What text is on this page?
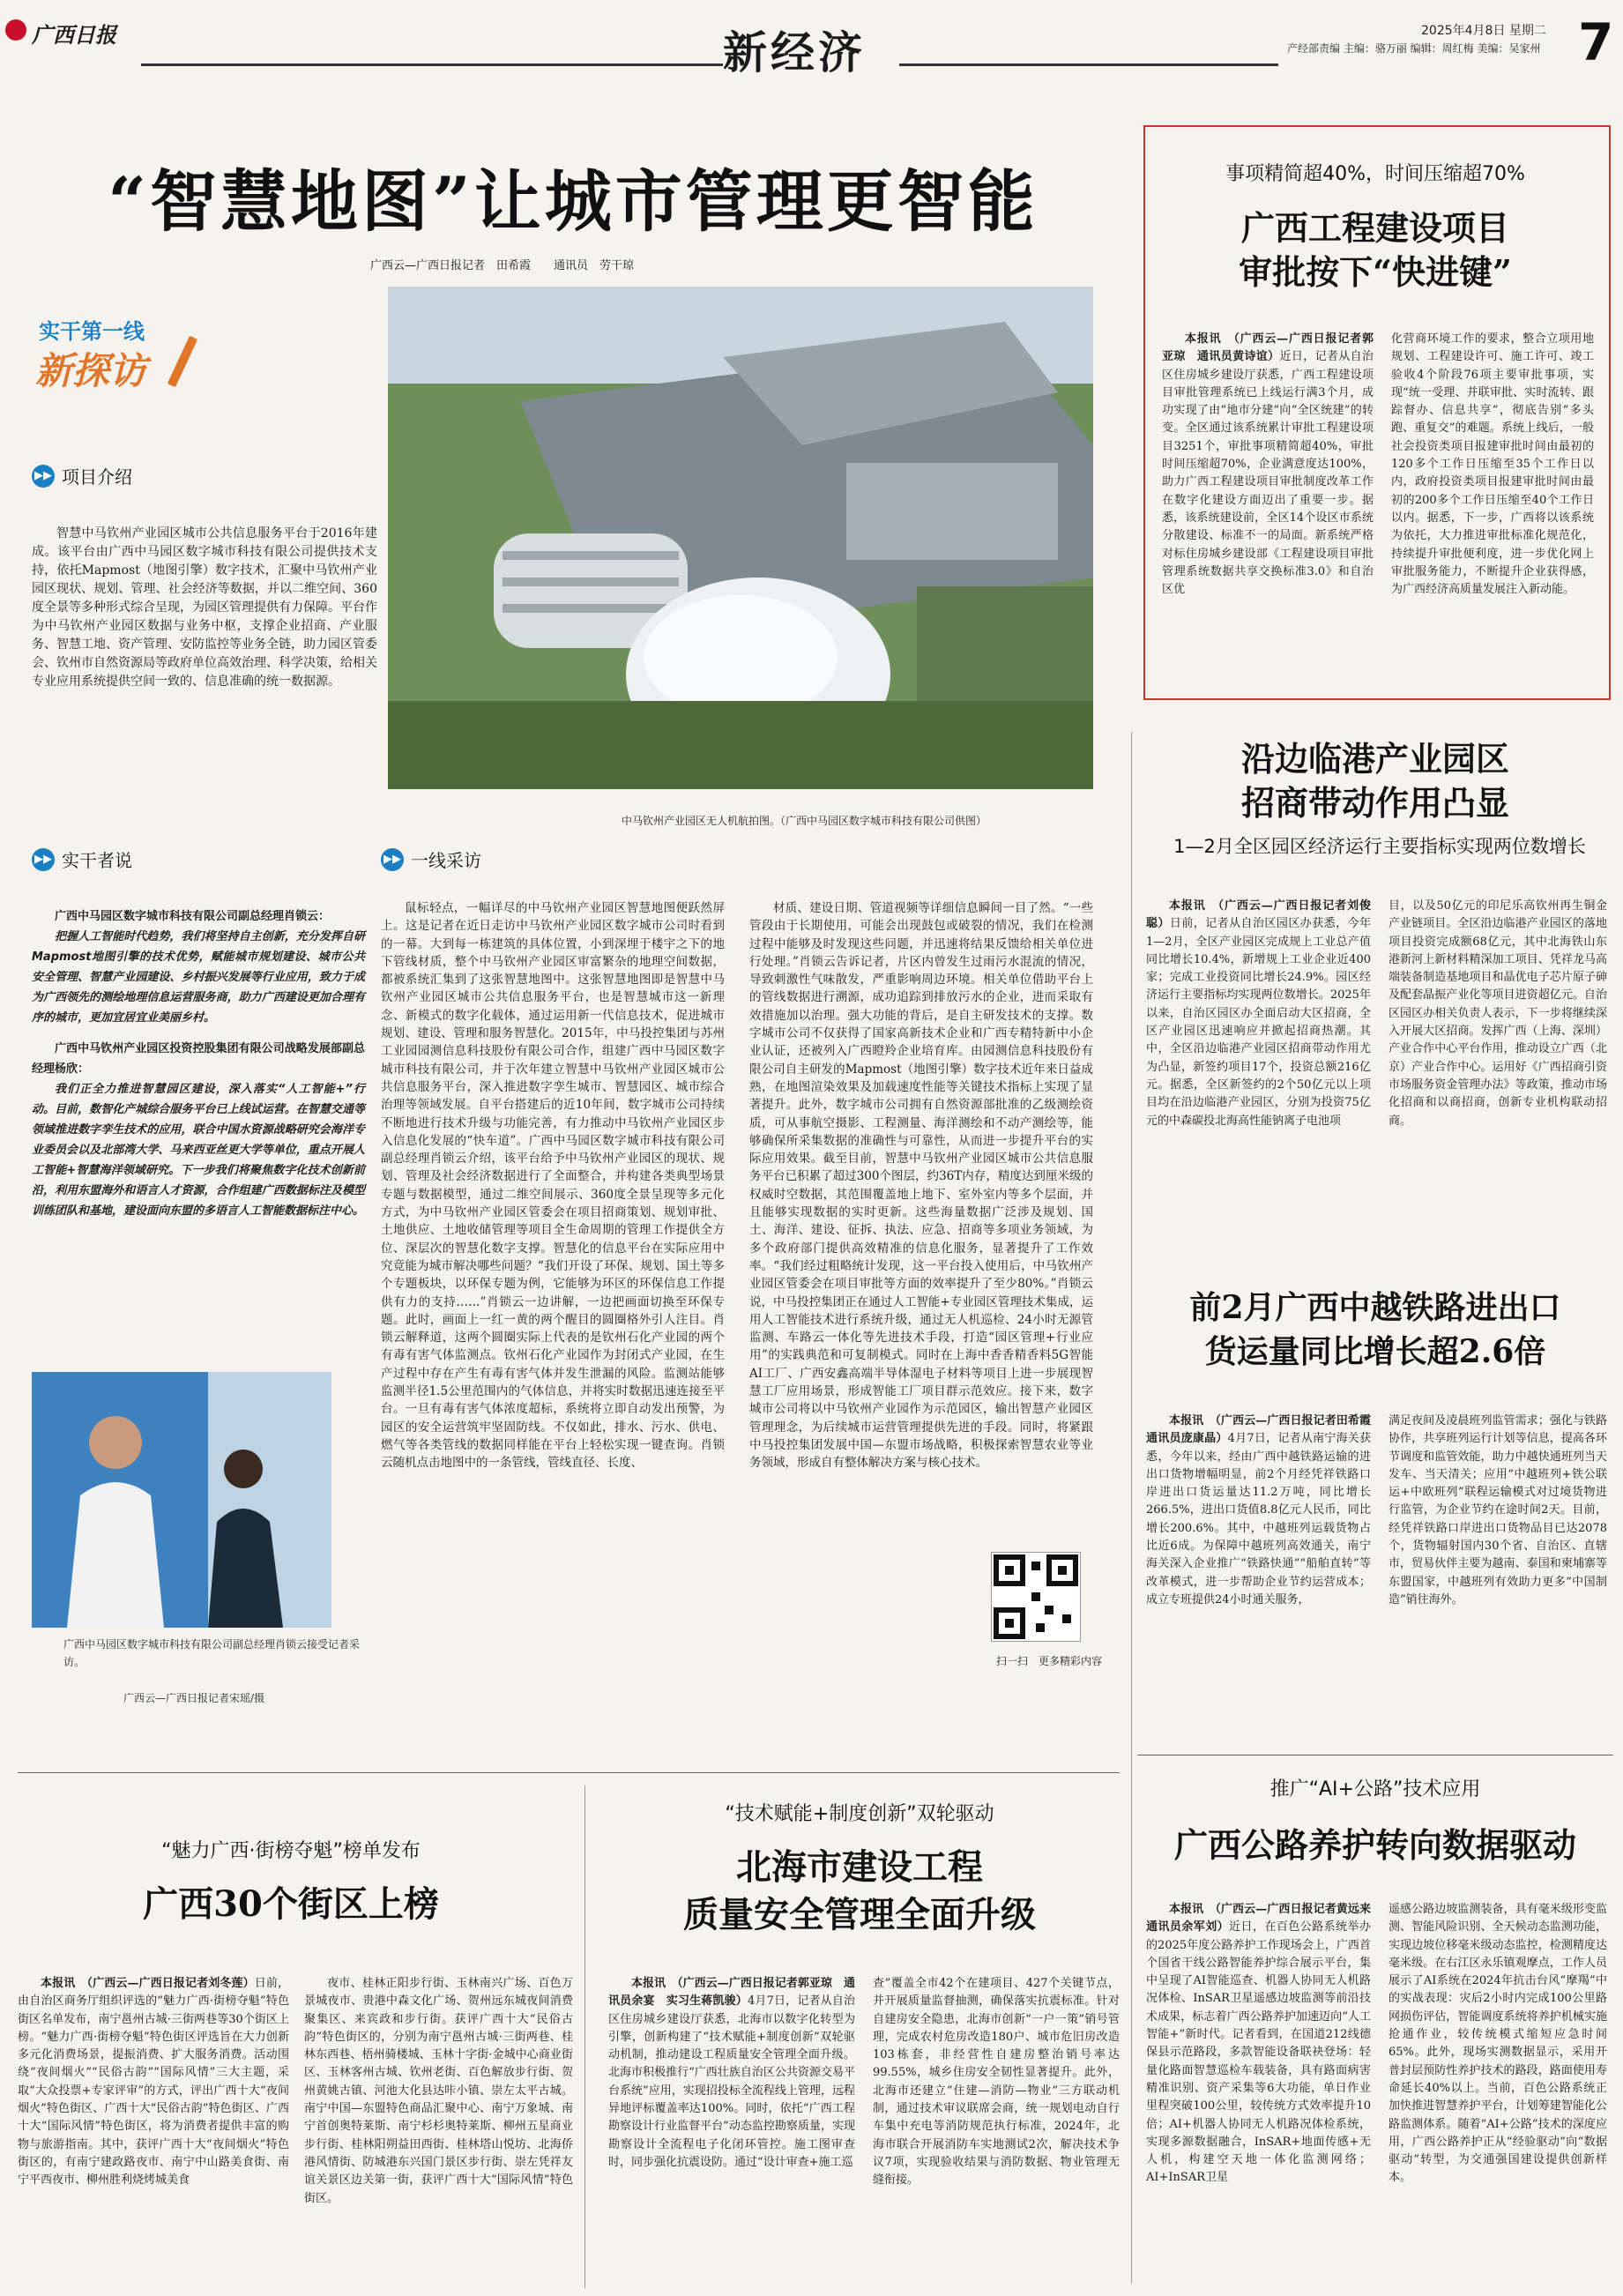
广西日报	新经济	2025年4月8日 星期二
产经部责编 主编：骆万丽 编辑：周红梅 美编：吴家州 7
“智慧地图”让城市管理更智能
广西云—广西日报记者　田希霞　　通讯员　劳干琼
实干第一线
新探访
▶▶ 项目介绍

智慧中马钦州产业园区城市公共信息服务平台于2016年建成。该平台由广西中马园区数字城市科技有限公司提供技术支持，依托Mapmost（地图引擎）数字技术，汇聚中马钦州产业园区现状、规划、管理、社会经济等数据，并以二维空间、360度全景等多种形式综合呈现，为园区管理提供有力保障。平台作为中马钦州产业园区数据与业务中枢，支撑企业招商、产业服务、智慧工地、资产管理、安防监控等业务全链，助力园区管委会、钦州市自然资源局等政府单位高效治理、科学决策，给相关专业应用系统提供空间一致的、信息准确的统一数据源。

中马钦州产业园区无人机航拍图。（广西中马园区数字城市科技有限公司供图）
▶▶ 实干者说	▶▶ 一线采访

广西中马园区数字城市科技有限公司副总经理肖锁云：

把握人工智能时代趋势，我们将坚持自主创新，充分发挥自研Mapmost地图引擎的技术优势，赋能城市规划建设、城市公共安全管理、智慧产业园建设、乡村振兴发展等行业应用，致力于成为广西领先的测绘地理信息运营服务商，助力广西建设更加合理有序的城市，更加宜居宜业美丽乡村。

广西中马钦州产业园区投资控股集团有限公司战略发展部副总经理杨欣：

我们正全力推进智慧园区建设，深入落实“人工智能+”行动。目前，数智化产城综合服务平台已上线试运营。在智慧交通等领域推进数字孪生技术的应用，联合中国水资源战略研究会海洋专业委员会以及北部湾大学、马来西亚丝更大学等单位，重点开展人工智能+智慧海洋领域研究。下一步我们将聚焦数字化技术创新前沿，利用东盟海外和语言人才资源，合作组建广西数据标注及模型训练团队和基地，建设面向东盟的多语言人工智能数据标注中心。

广西中马园区数字城市科技有限公司副总经理肖锁云接受记者采访。
广西云—广西日报记者宋瑶/摄

鼠标轻点，一幅详尽的中马钦州产业园区智慧地图便跃然屏上。这是记者在近日走访中马钦州产业园区数字城市公司时看到的一幕。大到每一栋建筑的具体位置，小到深埋于楼宇之下的地下管线材质，整个中马钦州产业园区审富繁杂的地理空间数据，都被系统汇集到了这张智慧地图中。这张智慧地图即是智慧中马钦州产业园区城市公共信息服务平台，也是智慧城市这一新理念、新模式的数字化载体，通过运用新一代信息技术，促进城市规划、建设、管理和服务智慧化。2015年，中马投控集团与苏州工业园园测信息科技股份有限公司合作，组建广西中马园区数字城市科技有限公司，并于次年建立智慧中马钦州产业园区城市公共信息服务平台，深入推进数字孪生城市、智慧园区、城市综合治理等领域发展。自平台搭建后的近10年间，数字城市公司持续不断地进行技术升级与功能完善，有力推动中马钦州产业园区步入信息化发展的“快车道”。广西中马园区数字城市科技有限公司副总经理肖锁云介绍，该平台给予中马钦州产业园区的现状、规划、管理及社会经济数据进行了全面整合，并构建各类典型场景专题与数据模型，通过二维空间展示、360度全景呈现等多元化方式，为中马钦州产业园区管委会在项目招商策划、规划审批、土地供应、土地收储管理等项目全生命周期的管理工作提供全方位、深层次的智慧化数字支撑。智慧化的信息平台在实际应用中究竟能为城市解决哪些问题？“我们开设了环保、规划、国土等多个专题板块，以环保专题为例，它能够为环区的环保信息工作提供有力的支持……”肖锁云一边讲解，一边把画面切换至环保专题。此时，画面上一红一黄的两个醒目的圆圈格外引人注目。肖锁云解释道，这两个圆圈实际上代表的是钦州石化产业园的两个有毒有害气体监测点。钦州石化产业园作为封闭式产业园，在生产过程中存在产生有毒有害气体并发生泄漏的风险。监测站能够监测半径1.5公里范围内的气体信息，并将实时数据迅速连接至平台。一旦有毒有害气体浓度超标，系统将立即自动发出预警，为园区的安全运营筑牢坚固防线。不仅如此，排水、污水、供电、燃气等各类管线的数据同样能在平台上轻松实现一键查询。肖锁云随机点击地图中的一条管线，管线直径、长度、

材质、建设日期、管道视频等详细信息瞬间一目了然。“一些管段由于长期使用，可能会出现鼓包或破裂的情况，我们在检测过程中能够及时发现这些问题，并迅速将结果反馈给相关单位进行处理。”肖锁云告诉记者，片区内曾发生过雨污水混流的情况，导致刺激性气味散发，严重影响周边环境。相关单位借助平台上的管线数据进行溯源，成功追踪到排放污水的企业，进而采取有效措施加以治理。强大功能的背后，是自主研发技术的支撑。数字城市公司不仅获得了国家高新技术企业和广西专精特新中小企业认证，还被列入广西瞪羚企业培育库。由园测信息科技股份有限公司自主研发的Mapmost（地图引擎）数字技术近年来日益成熟，在地图渲染效果及加载速度性能等关键技术指标上实现了显著提升。此外，数字城市公司拥有自然资源部批准的乙级测绘资质，可从事航空摄影、工程测量、海洋测绘和不动产测绘等，能够确保所采集数据的准确性与可靠性，从而进一步提升平台的实际应用效果。截至目前，智慧中马钦州产业园区城市公共信息服务平台已积累了超过300个图层，约36T内存，精度达到厘米级的权威时空数据，其范围覆盖地上地下、室外室内等多个层面，并且能够实现数据的实时更新。这些海量数据广泛涉及规划、国土、海洋、建设、征拆、执法、应急、招商等多项业务领域，为多个政府部门提供高效精准的信息化服务，显著提升了工作效率。“我们经过粗略统计发现，这一平台投入使用后，中马钦州产业园区管委会在项目审批等方面的效率提升了至少80%。”肖锁云说，中马投控集团正在通过人工智能+专业园区管理技术集成，运用人工智能技术进行系统升级，通过无人机巡检、24小时无源管监测、车路云一体化等先进技术手段，打造“园区管理+行业应用”的实践典范和可复制模式。同时在上海中香香精香料5G智能AI工厂、广西安鑫高端半导体湿电子材料等项目上进一步展现智慧工厂应用场景，形成智能工厂项目群示范效应。接下来，数字城市公司将以中马钦州产业园作为示范园区，输出智慧产业园区管理理念，为后续城市运营管理提供先进的手段。同时，将紧跟中马投控集团发展中国—东盟市场战略，积极探索智慧农业等业务领域，形成自有整体解决方案与核心技术。

扫一扫　更多精彩内容
事项精简超40%，时间压缩超70%
广西工程建设项目
审批按下“快进键”

本报讯　（广西云—广西日报记者郭亚琼　通讯员黄诗谊）近日，记者从自治区住房城乡建设厅获悉，广西工程建设项目审批管理系统已上线运行满3个月，成功实现了由“地市分建”向“全区统建”的转变。全区通过该系统累计审批工程建设项目3251个，审批事项精简超40%，审批时间压缩超70%，企业满意度达100%，助力广西工程建设项目审批制度改革工作在数字化建设方面迈出了重要一步。据悉，该系统建设前，全区14个设区市系统分散建设、标准不一的局面。新系统严格对标住房城乡建设部《工程建设项目审批管理系统数据共享交换标准3.0》和自治区优

化营商环境工作的要求，整合立项用地规划、工程建设许可、施工许可、竣工验收4个阶段76项主要审批事项，实现“统一受理、并联审批、实时流转、跟踪督办、信息共享”，彻底告别“多头跑、重复交”的难题。系统上线后，一般社会投资类项目报建审批时间由最初的120多个工作日压缩至35个工作日以内，政府投资类项目报建审批时间由最初的200多个工作日压缩至40个工作日以内。据悉，下一步，广西将以该系统为依托，大力推进审批标准化规范化，持续提升审批便利度，进一步优化网上审批服务能力，不断提升企业获得感，为广西经济高质量发展注入新动能。

沿边临港产业园区
招商带动作用凸显
1—2月全区园区经济运行主要指标实现两位数增长

本报讯　（广西云—广西日报记者刘俊聪）日前，记者从自治区园区办获悉，今年1—2月，全区产业园区完成规上工业总产值同比增长10.4%，新增规上工业企业近400家；完成工业投资同比增长24.9%。园区经济运行主要指标均实现两位数增长。2025年以来，自治区园区办全面启动大区招商，全区产业园区迅速响应并掀起招商热潮。其中，全区沿边临港产业园区招商带动作用尤为凸显，新签约项目17个，投资总额216亿元。据悉，全区新签约的2个50亿元以上项目均在沿边临港产业园区，分别为投资75亿元的中森碳投北海高性能钠离子电池项

目，以及50亿元的印尼乐高钦州再生铜金产业链项目。全区沿边临港产业园区的落地项目投资完成额68亿元，其中北海铁山东港新河上新材料精深加工项目、凭祥龙马高端装备制造基地项目和晶优电子芯片原子砷及配套晶振产业化等项目进资超亿元。自治区园区办相关负责人表示，下一步将继续深入开展大区招商。发挥广西（上海、深圳）产业合作中心平台作用，推动设立广西（北京）产业合作中心。运用好《广西招商引资市场服务资金管理办法》等政策，推动市场化招商和以商招商，创新专业机构联动招商。

前2月广西中越铁路进出口
货运量同比增长超2.6倍

本报讯　（广西云—广西日报记者田希霞　通讯员庞康晶）4月7日，记者从南宁海关获悉，今年以来，经由广西中越铁路运输的进出口货物增幅明显，前2个月经凭祥铁路口岸进出口货运量达11.2万吨，同比增长266.5%，进出口货值8.8亿元人民币，同比增长200.6%。其中，中越班列运载货物占比近6成。为保障中越班列高效通关，南宁海关深入企业推广“铁路快通”“船舶直转”等改革模式，进一步帮助企业节约运营成本；成立专班提供24小时通关服务，

满足夜间及凌晨班列监管需求；强化与铁路协作，共享班列运行计划等信息，提高各环节调度和监管效能，助力中越快通班列当天发车、当天清关；应用“中越班列+铁公联运+中欧班列”联程运输模式对过境货物进行监管，为企业节约在途时间2天。目前，经凭祥铁路口岸进出口货物品目已达2078个，货物辐射国内30个省、自治区、直辖市，贸易伙伴主要为越南、泰国和柬埔寨等东盟国家，中越班列有效助力更多“中国制造”销往海外。

推广“AI+公路”技术应用
广西公路养护转向数据驱动

本报讯　（广西云—广西日报记者黄远来　通讯员余军刘）近日，在百色公路系统举办的2025年度公路养护工作现场会上，广西首个国省干线公路智能养护综合展示平台，集中呈现了AI智能巡查、机器人协同无人机路况体检、InSAR卫星遥感边坡监测等前沿技术成果，标志着广西公路养护加速迈向“人工智能+”新时代。记者看到，在国道212线德保县示范路段，多款智能设备联袂登场：轻量化路面智慧巡检车载装备，具有路面病害精准识别、资产采集等6大功能，单日作业里程突破100公里，较传统方式效率提升10倍；AI+机器人协同无人机路况体检系统，实现多源数据融合，InSAR+地面传感+无人机，构建空天地一体化监测网络；AI+InSAR卫星

遥感公路边坡监测装备，具有毫米级形变监测、智能风险识别、全天候动态监测功能，实现边坡位移毫米级动态监控，检测精度达毫米级。在右江区永乐镇观摩点，工作人员展示了AI系统在2024年抗击台风“摩羯”中的实战表现：灾后2小时内完成100公里路网损伤评估，智能调度系统将养护机械实施抢通作业，较传统模式缩短应急时间65%。此外，现场实测数据显示，采用开普封层预防性养护技术的路段，路面使用寿命延长40%以上。当前，百色公路系统正加快推进智慧养护平台，计划筹建智能化公路监测体系。随着“AI+公路”技术的深度应用，广西公路养护正从“经验驱动”向“数据驱动”转型，为交通强国建设提供创新样本。

“魅力广西·街榜夺魁”榜单发布
广西30个街区上榜

本报讯　（广西云—广西日报记者刘冬莲）日前，由自治区商务厅组织评选的“魅力广西·街榜夺魁”特色街区名单发布，南宁邕州古城·三街两巷等30个街区上榜。“魅力广西·街榜夺魁”特色街区评选旨在大力创新多元化消费场景，提振消费、扩大服务消费。活动围绕“夜间烟火”“民俗古韵”“国际风情”三大主题，采取“大众投票+专家评审”的方式，评出广西十大“夜间烟火”特色街区、广西十大“民俗古韵”特色街区、广西十大“国际风情”特色街区，将为消费者提供丰富的购物与旅游指南。其中，获评广西十大“夜间烟火”特色街区的，有南宁建政路夜市、南宁中山路美食街、南宁平西夜市、柳州胜利烧烤城美食

夜市、桂林正阳步行街、玉林南兴广场、百色万景城夜市、贵港中森文化广场、贺州远东城夜间消费聚集区、来宾政和步行街。获评广西十大“民俗古韵”特色街区的，分别为南宁邕州古城·三街两巷、桂林东西巷、梧州骑楼城、玉林十字街·金城中心商业街区、玉林客州古城、钦州老街、百色解放步行街、贺州黄姚古镇、河池大化县达咔小镇、崇左太平古城。南宁中国—东盟特色商品汇聚中心、南宁万象城、南宁首创奥特莱斯、南宁杉杉奥特莱斯、柳州五星商业步行街、桂林阳朔益田西街、桂林塔山悦坊、北海侨港风情街、防城港东兴国门景区步行街、崇左凭祥友谊关景区边关第一街，获评广西十大“国际风情”特色街区。

“技术赋能+制度创新”双轮驱动
北海市建设工程
质量安全管理全面升级

本报讯　（广西云—广西日报记者郭亚琼　通讯员余宴　实习生蒋凯骏）4月7日，记者从自治区住房城乡建设厅获悉，北海市以数字化转型为引擎，创新构建了“技术赋能+制度创新”双轮驱动机制，推动建设工程质量安全管理全面升级。北海市积极推行“广西壮族自治区公共资源交易平台系统”应用，实现招投标全流程线上管理，远程异地评标覆盖率达100%。同时，依托“广西工程勘察设计行业监督平台”动态监控勘察质量，实现勘察设计全流程电子化闭环管控。施工图审查时，同步强化抗震设防。通过“设计审查+施工巡

查”覆盖全市42个在建项目、427个关键节点，并开展质量监督抽测，确保落实抗震标准。针对自建房安全隐患，北海市创新“一户一策”销号管理，完成农村危房改造180户、城市危旧房改造103栋套，非经营性自建房整治销号率达99.55%，城乡住房安全韧性显著提升。此外，北海市还建立“住建—消防—物业”三方联动机制，通过技术审议联席会商，统一规划电动自行车集中充电等消防规范执行标准，2024年，北海市联合开展消防车实地测试2次，解决技术争议7项，实现验收结果与消防数据、物业管理无缝衔接。
